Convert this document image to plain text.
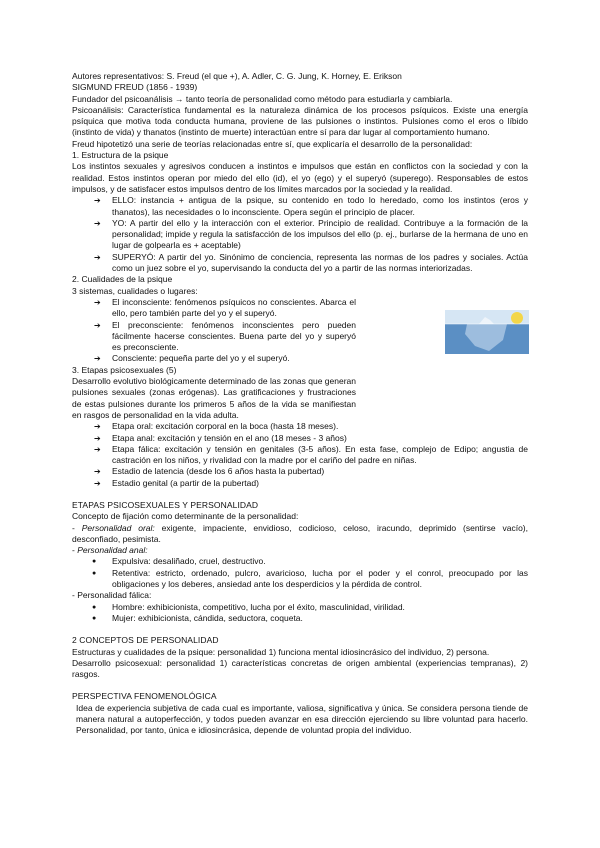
Autores representativos: S. Freud (el que +), A. Adler, C. G. Jung, K. Horney, E. Erikson

SIGMUND FREUD (1856 - 1939)

Fundador del psicoanálisis → tanto teoría de personalidad como método para estudiarla y cambiarla.

Psicoanálisis: Característica fundamental es la naturaleza dinámica de los procesos psíquicos. Existe una energía psíquica que motiva toda conducta humana, proviene de las pulsiones o instintos. Pulsiones como el eros o líbido (instinto de vida) y thanatos (instinto de muerte) interactúan entre sí para dar lugar al comportamiento humano.

Freud hipotetizó una serie de teorías relacionadas entre sí, que explicaría el desarrollo de la personalidad:

1. Estructura de la psique

Los instintos sexuales y agresivos conducen a instintos e impulsos que están en conflictos con la sociedad y con la realidad. Estos instintos operan por miedo del ello (id), el yo (ego) y el superyó (superego). Responsables de estos impulsos, y de satisfacer estos impulsos dentro de los límites marcados por la sociedad y la realidad.

➔ ELLO: instancia + antigua de la psique, su contenido en todo lo heredado, como los instintos (eros y thanatos), las necesidades o lo inconsciente. Opera según el principio de placer.
➔ YO: A partir del ello y la interacción con el exterior. Principio de realidad. Contribuye a la formación de la personalidad; impide y regula la satisfacción de los impulsos del ello (p. ej., burlarse de la hermana de uno en lugar de golpearla es + aceptable)
➔ SUPERYÓ: A partir del yo. Sinónimo de conciencia, representa las normas de los padres y sociales. Actúa como un juez sobre el yo, supervisando la conducta del yo a partir de las normas interiorizadas.

2. Cualidades de la psique

3 sistemas, cualidades o lugares:

➔ El inconsciente: fenómenos psíquicos no conscientes. Abarca el ello, pero también parte del yo y el superyó.
➔ El preconsciente: fenómenos inconscientes pero pueden fácilmente hacerse conscientes. Buena parte del yo y superyó es preconsciente.
➔ Consciente: pequeña parte del yo y el superyó.

3. Etapas psicosexuales (5)

Desarrollo evolutivo biológicamente determinado de las zonas que generan pulsiones sexuales (zonas erógenas). Las gratificaciones y frustraciones de estas pulsiones durante los primeros 5 años de la vida se manifiestan en rasgos de personalidad en la vida adulta.

➔ Etapa oral: excitación corporal en la boca (hasta 18 meses).
➔ Etapa anal: excitación y tensión en el ano (18 meses - 3 años)
➔ Etapa fálica: excitación y tensión en genitales (3-5 años). En esta fase, complejo de Edipo; angustia de castración en los niños, y rivalidad con la madre por el cariño del padre en niñas.
➔ Estadio de latencia (desde los 6 años hasta la pubertad)
➔ Estadio genital (a partir de la pubertad)

ETAPAS PSICOSEXUALES Y PERSONALIDAD

Concepto de fijación como determinante de la personalidad:

- Personalidad oral: exigente, impaciente, envidioso, codicioso, celoso, iracundo, deprimido (sentirse vacío), desconfiado, pesimista.

- Personalidad anal:

● Expulsiva: desaliñado, cruel, destructivo.
● Retentiva: estricto, ordenado, pulcro, avaricioso, lucha por el poder y el conrol, preocupado por las obligaciones y los deberes, ansiedad ante los desperdicios y la pérdida de control.

- Personalidad fálica:

● Hombre: exhibicionista, competitivo, lucha por el éxito, masculinidad, virilidad.
● Mujer: exhibicionista, cándida, seductora, coqueta.

2 CONCEPTOS DE PERSONALIDAD

Estructuras y cualidades de la psique: personalidad 1) funciona mental idiosincrásico del individuo, 2) persona.

Desarrollo psicosexual: personalidad 1) características concretas de origen ambiental (experiencias tempranas), 2) rasgos.

PERSPECTIVA FENOMENOLÓGICA

Idea de experiencia subjetiva de cada cual es importante, valiosa, significativa y única. Se considera persona tiende de manera natural a autoperfección, y todos pueden avanzar en esa dirección ejerciendo su libre voluntad para hacerlo. Personalidad, por tanto, única e idiosincrásica, depende de voluntad propia del individuo.
